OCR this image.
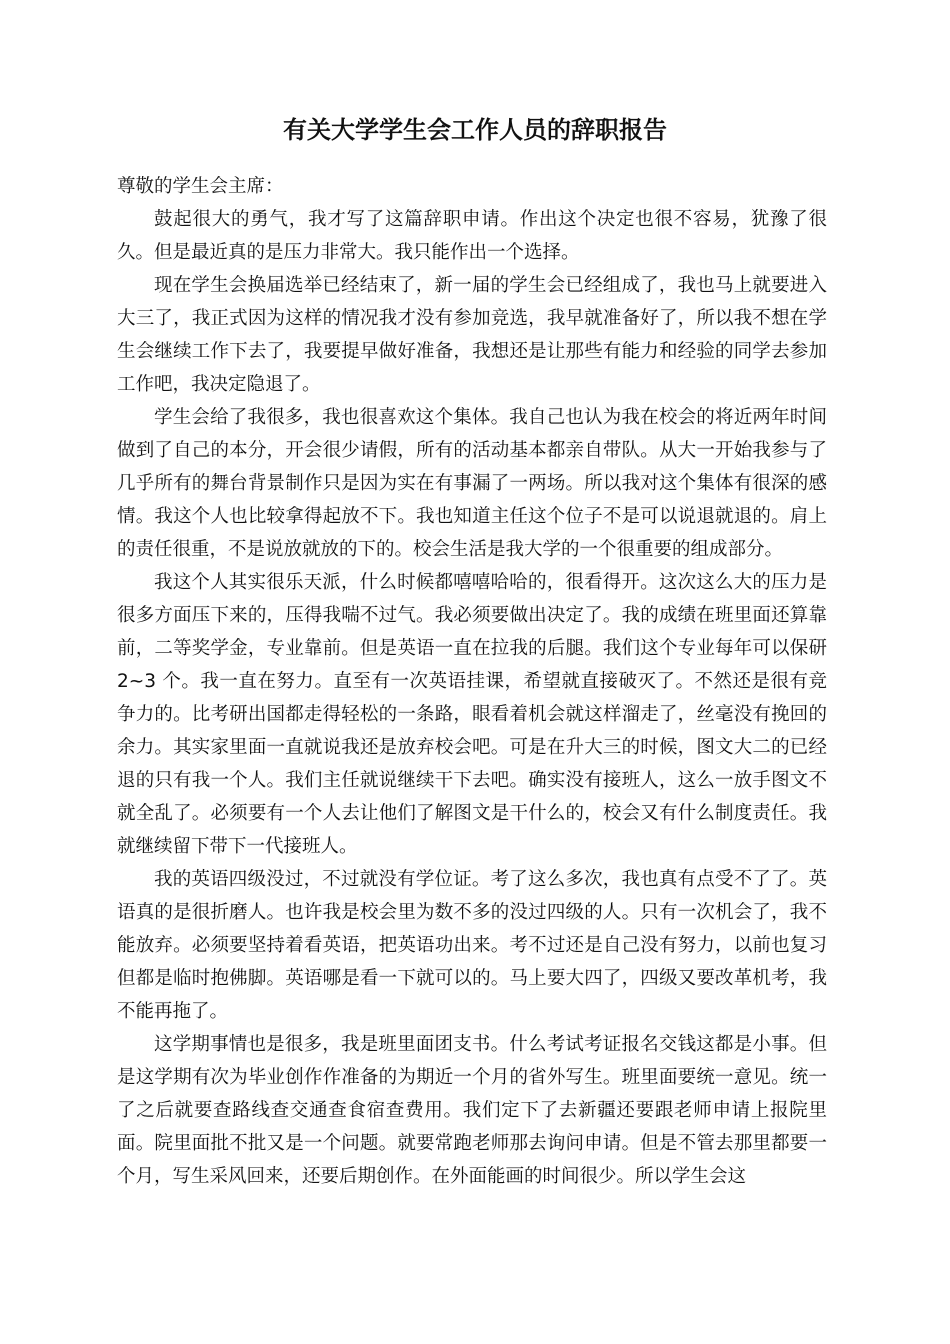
有关大学学生会工作人员的辞职报告

尊敬的学生会主席：

鼓起很大的勇气，我才写了这篇辞职申请。作出这个决定也很不容易，犹豫了很久。但是最近真的是压力非常大。我只能作出一个选择。

现在学生会换届选举已经结束了，新一届的学生会已经组成了，我也马上就要进入大三了，我正式因为这样的情况我才没有参加竞选，我早就准备好了，所以我不想在学生会继续工作下去了，我要提早做好准备，我想还是让那些有能力和经验的同学去参加工作吧，我决定隐退了。

学生会给了我很多，我也很喜欢这个集体。我自己也认为我在校会的将近两年时间做到了自己的本分，开会很少请假，所有的活动基本都亲自带队。从大一开始我参与了几乎所有的舞台背景制作只是因为实在有事漏了一两场。所以我对这个集体有很深的感情。我这个人也比较拿得起放不下。我也知道主任这个位子不是可以说退就退的。肩上的责任很重，不是说放就放的下的。校会生活是我大学的一个很重要的组成部分。

我这个人其实很乐天派，什么时候都嘻嘻哈哈的，很看得开。这次这么大的压力是很多方面压下来的，压得我喘不过气。我必须要做出决定了。我的成绩在班里面还算靠前，二等奖学金，专业靠前。但是英语一直在拉我的后腿。我们这个专业每年可以保研 2~3 个。我一直在努力。直至有一次英语挂课，希望就直接破灭了。不然还是很有竞争力的。比考研出国都走得轻松的一条路，眼看着机会就这样溜走了，丝毫没有挽回的余力。其实家里面一直就说我还是放弃校会吧。可是在升大三的时候，图文大二的已经退的只有我一个人。我们主任就说继续干下去吧。确实没有接班人，这么一放手图文不就全乱了。必须要有一个人去让他们了解图文是干什么的，校会又有什么制度责任。我就继续留下带下一代接班人。

我的英语四级没过，不过就没有学位证。考了这么多次，我也真有点受不了了。英语真的是很折磨人。也许我是校会里为数不多的没过四级的人。只有一次机会了，我不能放弃。必须要坚持着看英语，把英语功出来。考不过还是自己没有努力，以前也复习但都是临时抱佛脚。英语哪是看一下就可以的。马上要大四了，四级又要改革机考，我不能再拖了。

这学期事情也是很多，我是班里面团支书。什么考试考证报名交钱这都是小事。但是这学期有次为毕业创作作准备的为期近一个月的省外写生。班里面要统一意见。统一了之后就要查路线查交通查食宿查费用。我们定下了去新疆还要跟老师申请上报院里面。院里面批不批又是一个问题。就要常跑老师那去询问申请。但是不管去那里都要一个月，写生采风回来，还要后期创作。在外面能画的时间很少。所以学生会这
